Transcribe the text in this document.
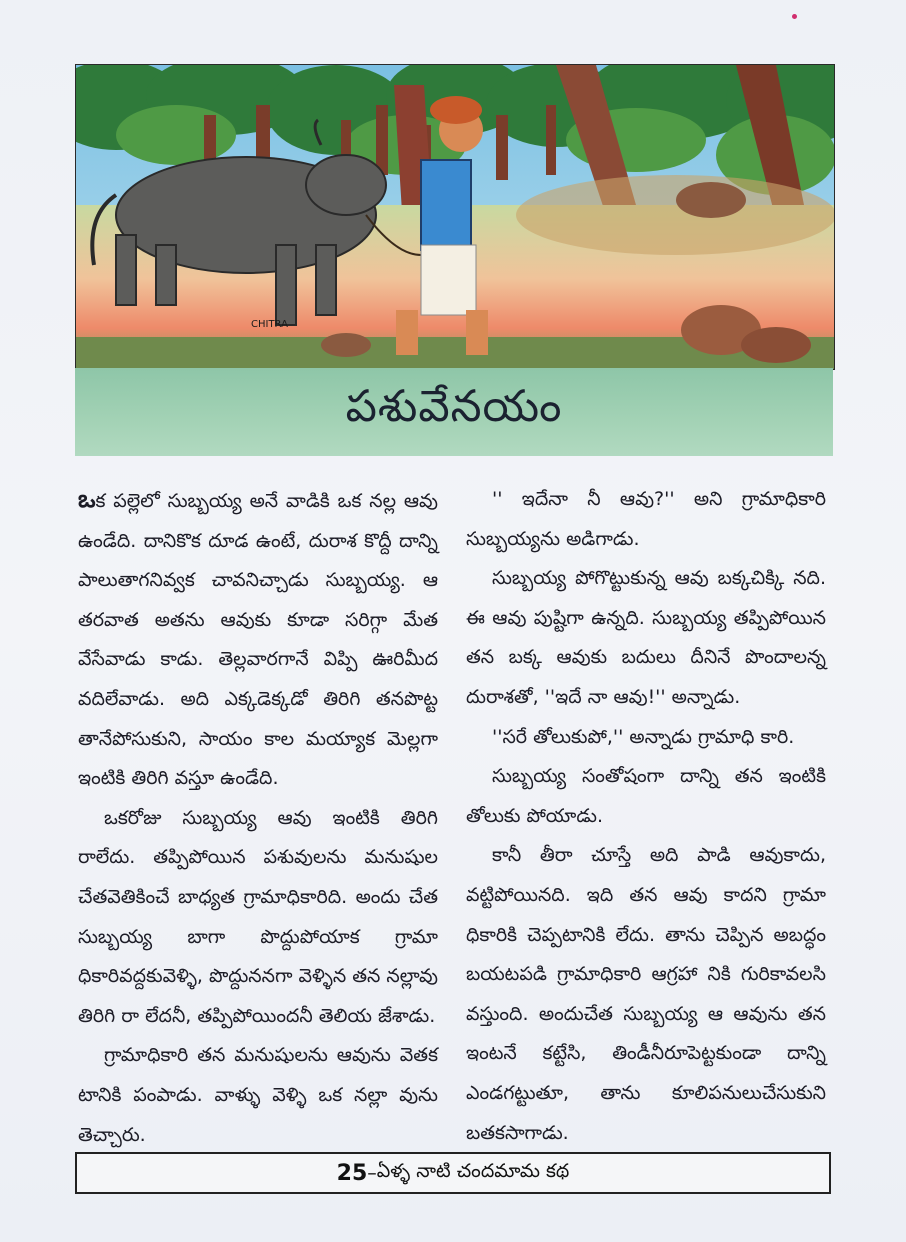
CHITRA
పశువేనయం

ఒక పల్లెలో సుబ్బయ్య అనే వాడికి ఒక నల్ల ఆవు ఉండేది. దానికొక దూడ ఉంటే, దురాశ కొద్దీ దాన్ని పాలుతాగనివ్వక చావనిచ్చాడు సుబ్బయ్య. ఆ తరవాత అతను ఆవుకు కూడా సరిగ్గా మేత వేసేవాడు కాడు. తెల్లవారగానే విప్పి ఊరిమీద వదిలేవాడు. అది ఎక్కడెక్కడో తిరిగి తనపొట్ట తానేపోసుకుని, సాయం కాల మయ్యాక మెల్లగా ఇంటికి తిరిగి వస్తూ ఉండేది.

ఒకరోజు సుబ్బయ్య ఆవు ఇంటికి తిరిగి రాలేదు. తప్పిపోయిన పశువులను మనుషుల చేతవెతికించే బాధ్యత గ్రామాధికారిది. అందు చేత సుబ్బయ్య బాగా పొద్దుపోయాక గ్రామా ధికారివద్దకువెళ్ళి, పొద్దుననగా వెళ్ళిన తన నల్లావు తిరిగి రా లేదనీ, తప్పిపోయిందనీ తెలియ జేశాడు.

గ్రామాధికారి తన మనుషులను ఆవును వెతక టానికి పంపాడు. వాళ్ళు వెళ్ళి ఒక నల్లా వును తెచ్చారు.

'' ఇదేనా నీ ఆవు?'' అని గ్రామాధికారి సుబ్బయ్యను అడిగాడు.

సుబ్బయ్య పోగొట్టుకున్న ఆవు బక్కచిక్కి నది. ఈ ఆవు పుష్టిగా ఉన్నది. సుబ్బయ్య తప్పిపోయిన తన బక్క ఆవుకు బదులు దీనినే పొందాలన్న దురాశతో, ''ఇదే నా ఆవు!'' అన్నాడు.

''సరే తోలుకుపో,'' అన్నాడు గ్రామాధి కారి.

సుబ్బయ్య సంతోషంగా దాన్ని తన ఇంటికి తోలుకు పోయాడు.

కానీ తీరా చూస్తే అది పాడి ఆవుకాదు, వట్టిపోయినది. ఇది తన ఆవు కాదని గ్రామా ధికారికి చెప్పటానికి లేదు. తాను చెప్పిన అబద్ధం బయటపడి గ్రామాధికారి ఆగ్రహా నికి గురికావలసి వస్తుంది. అందుచేత సుబ్బయ్య ఆ ఆవును తన ఇంటనే కట్టేసి, తిండీనీరూపెట్టకుండా దాన్ని ఎండగట్టుతూ, తాను కూలిపనులుచేసుకుని బతకసాగాడు.

25 – ఏళ్ళ నాటి చందమామ కథ
